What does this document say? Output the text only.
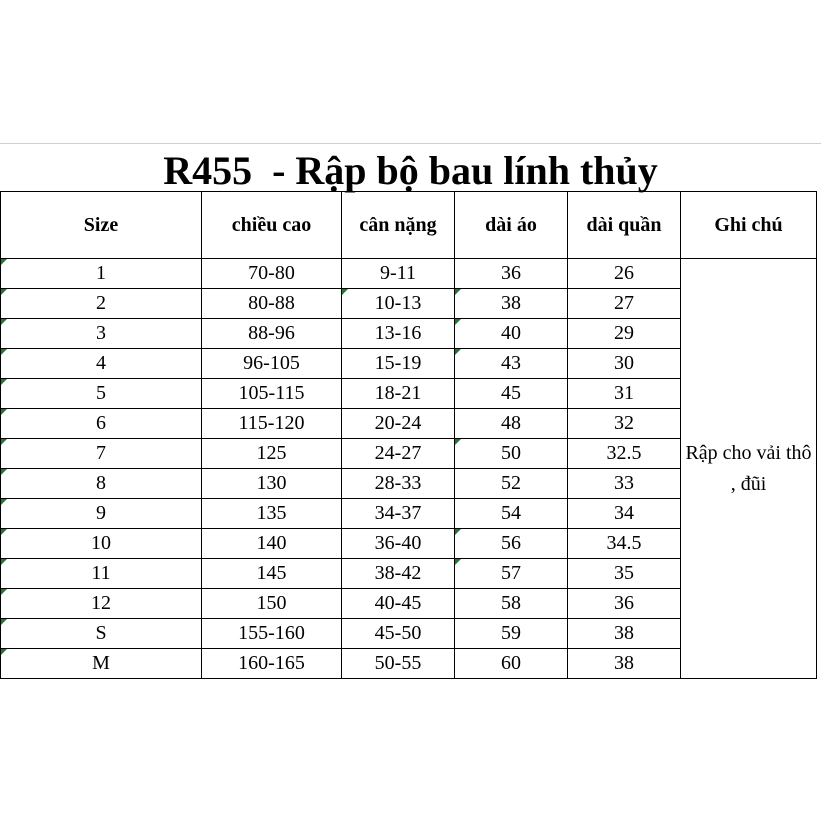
R455  - Rập bộ bau lính thủy
Size	chiều cao	cân nặng	dài áo	dài quần	Ghi chú
1	70-80	9-11	36	26	Rập cho vải thô , đũi
2	80-88	10-13	38	27	
3	88-96	13-16	40	29	
4	96-105	15-19	43	30	
5	105-115	18-21	45	31	
6	115-120	20-24	48	32	
7	125	24-27	50	32.5	
8	130	28-33	52	33	
9	135	34-37	54	34	
10	140	36-40	56	34.5	
11	145	38-42	57	35	
12	150	40-45	58	36	
S	155-160	45-50	59	38	
M	160-165	50-55	60	38	
